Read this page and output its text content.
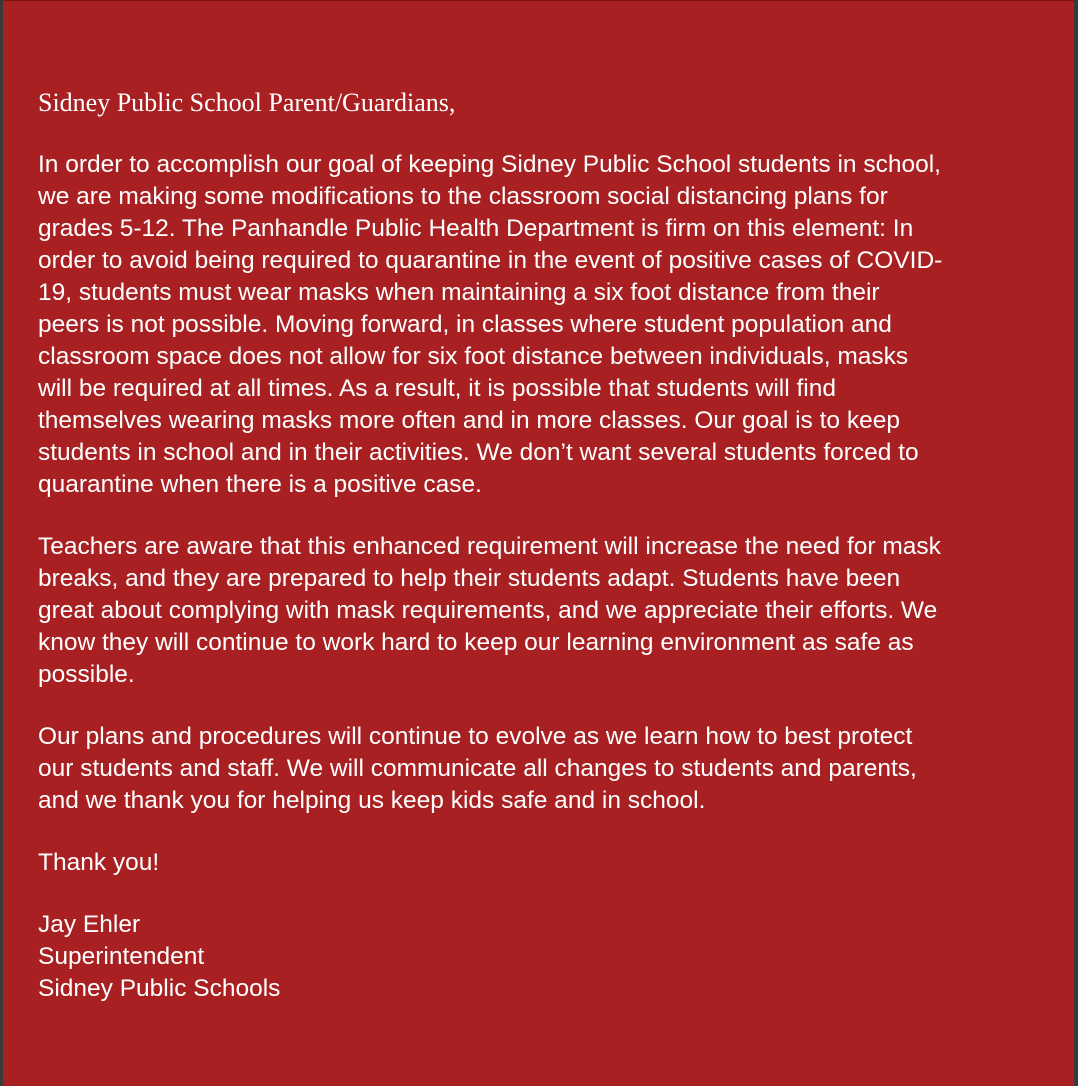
Sidney Public School Parent/Guardians,
In order to accomplish our goal of keeping Sidney Public School students in school,
we are making some modifications to the classroom social distancing plans for
grades 5-12. The Panhandle Public Health Department is firm on this element: In
order to avoid being required to quarantine in the event of positive cases of COVID-
19, students must wear masks when maintaining a six foot distance from their
peers is not possible. Moving forward, in classes where student population and
classroom space does not allow for six foot distance between individuals, masks
will be required at all times. As a result, it is possible that students will find
themselves wearing masks more often and in more classes. Our goal is to keep
students in school and in their activities. We don’t want several students forced to
quarantine when there is a positive case.
Teachers are aware that this enhanced requirement will increase the need for mask
breaks, and they are prepared to help their students adapt. Students have been
great about complying with mask requirements, and we appreciate their efforts. We
know they will continue to work hard to keep our learning environment as safe as
possible.
Our plans and procedures will continue to evolve as we learn how to best protect
our students and staff. We will communicate all changes to students and parents,
and we thank you for helping us keep kids safe and in school.
Thank you!
Jay Ehler
Superintendent
Sidney Public Schools
